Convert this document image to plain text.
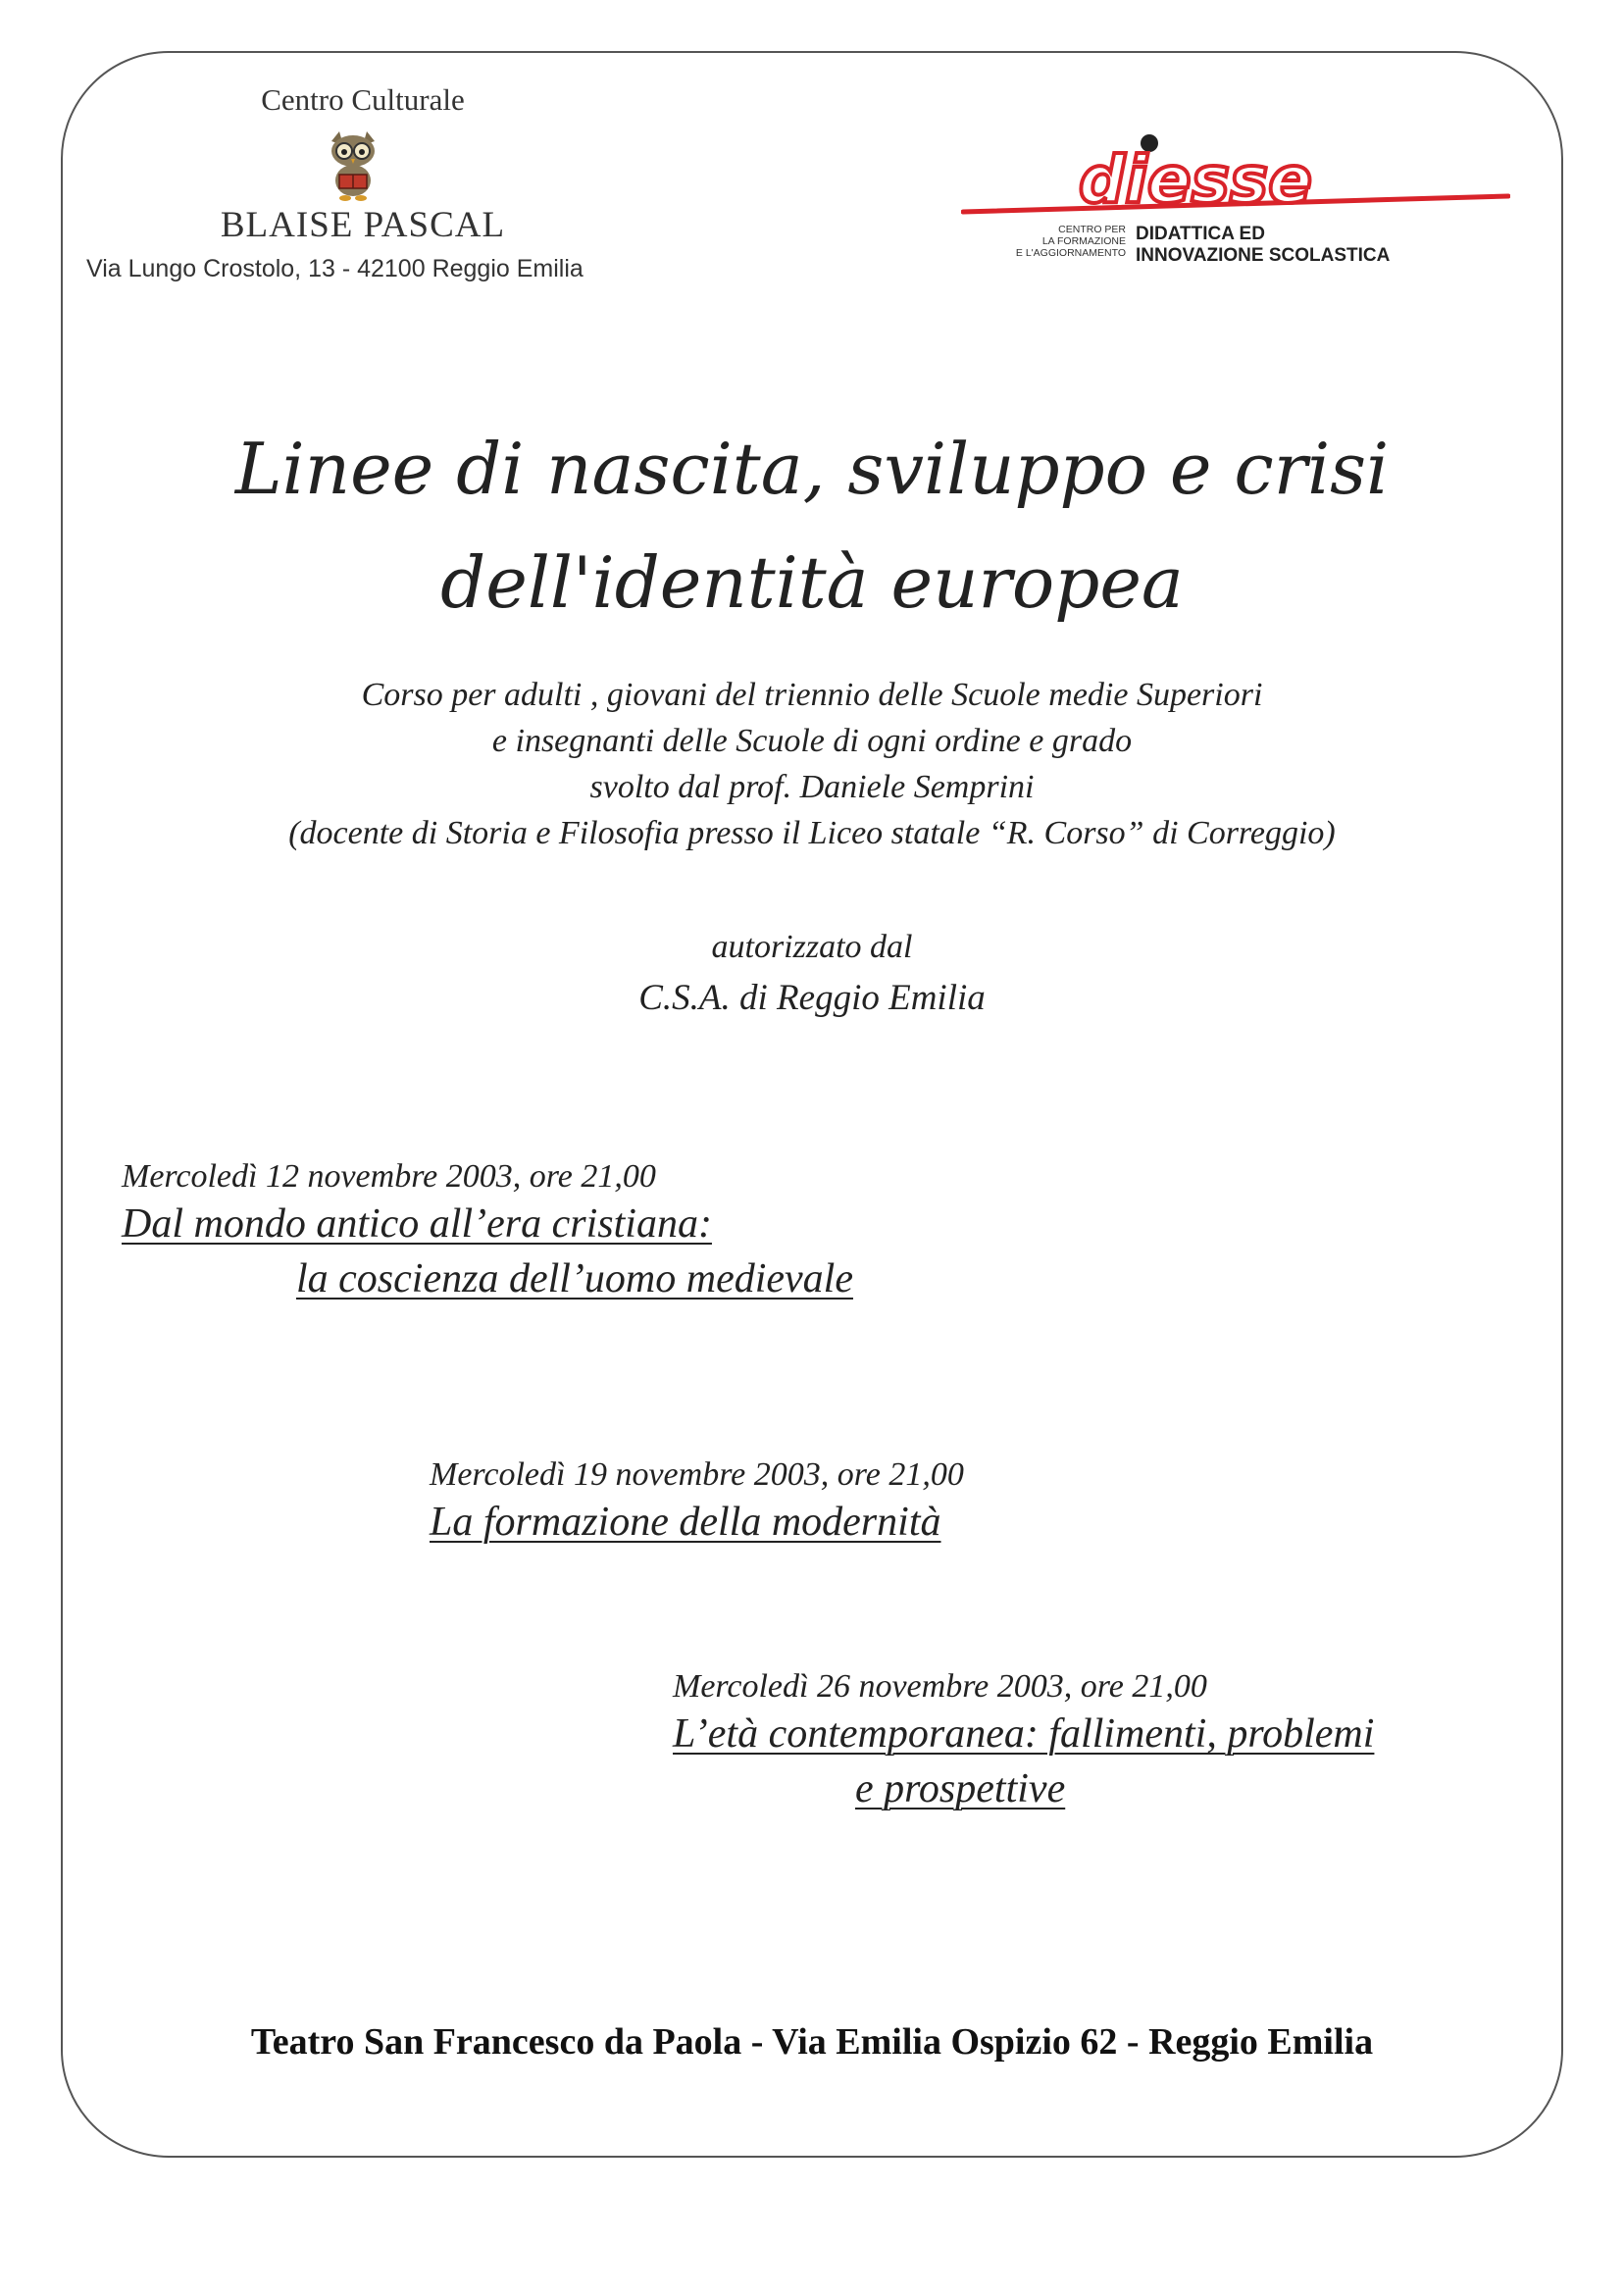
Centro Culturale
BLAISE PASCAL
Via Lungo Crostolo, 13 - 42100 Reggio Emilia
diesse
CENTRO PER
LA FORMAZIONE
E L'AGGIORNAMENTO
DIDATTICA ED
INNOVAZIONE SCOLASTICA
Linee di nascita, sviluppo e crisi
dell'identità europea
Corso per adulti , giovani del triennio delle Scuole medie Superiori
e insegnanti delle Scuole di ogni ordine e grado
svolto dal prof. Daniele Semprini
(docente di Storia e Filosofia presso il Liceo statale “R. Corso” di Correggio)
autorizzato dal
C.S.A. di Reggio Emilia
Mercoledì 12 novembre 2003, ore 21,00
Dal mondo antico all’era cristiana:
la coscienza dell’uomo medievale
Mercoledì 19 novembre 2003, ore 21,00
La formazione della modernità
Mercoledì 26 novembre 2003, ore 21,00
L’età contemporanea: fallimenti, problemi
e prospettive
Teatro San Francesco da Paola - Via Emilia Ospizio 62 - Reggio Emilia
